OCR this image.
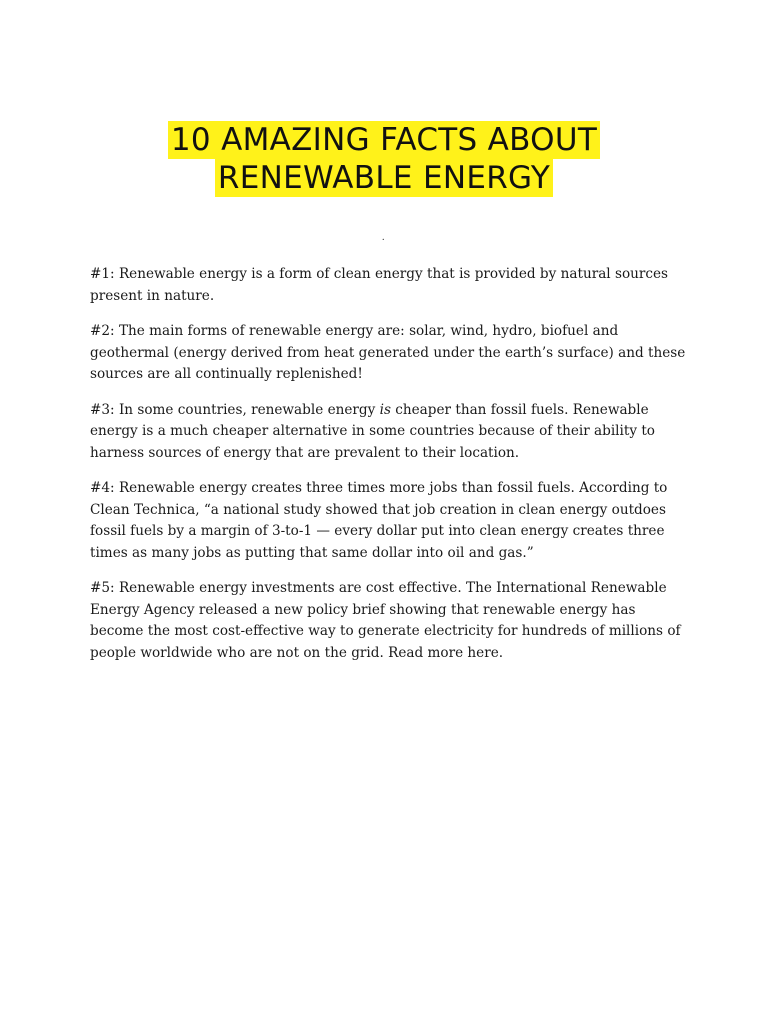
10 AMAZING FACTS ABOUT
RENEWABLE ENERGY
.

#1: Renewable energy is a form of clean energy that is provided by natural sources present in nature.

#2: The main forms of renewable energy are: solar, wind, hydro, biofuel and geothermal (energy derived from heat generated under the earth’s surface) and these sources are all continually replenished!

#3: In some countries, renewable energy is cheaper than fossil fuels. Renewable energy is a much cheaper alternative in some countries because of their ability to harness sources of energy that are prevalent to their location.

#4: Renewable energy creates three times more jobs than fossil fuels. According to Clean Technica, “a national study showed that job creation in clean energy outdoes fossil fuels by a margin of 3-to-1 — every dollar put into clean energy creates three times as many jobs as putting that same dollar into oil and gas.”

#5: Renewable energy investments are cost effective. The International Renewable Energy Agency released a new policy brief showing that renewable energy has become the most cost-effective way to generate electricity for hundreds of millions of people worldwide who are not on the grid. Read more here.
